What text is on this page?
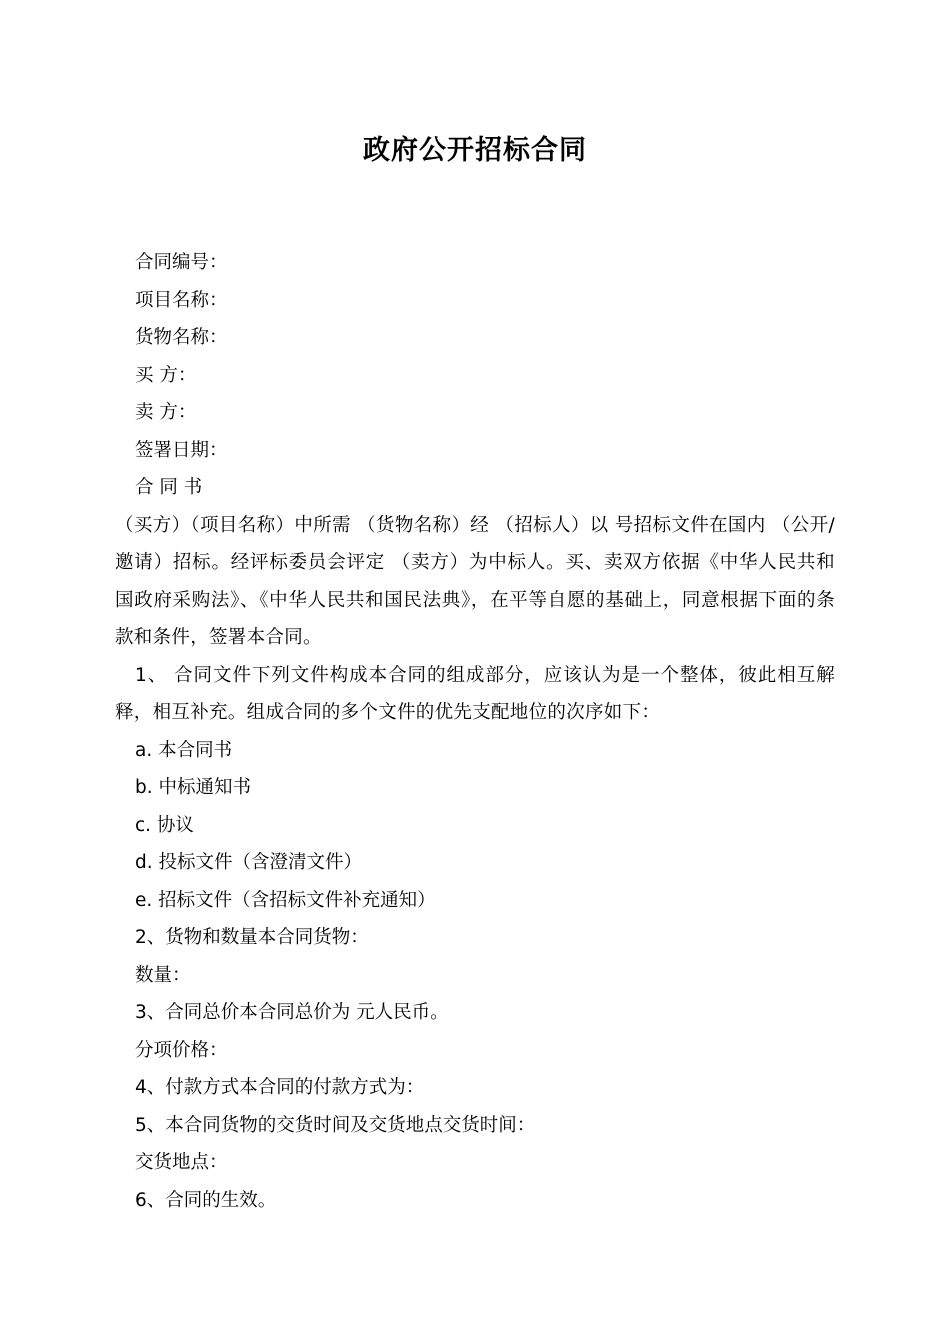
政府公开招标合同

合同编号：

项目名称：

货物名称：

买 方：

卖 方：

签署日期：

合 同 书

（买方）（项目名称）中所需 （货物名称）经 （招标人）以 号招标文件在国内 （公开/邀请）招标。经评标委员会评定 （卖方）为中标人。买、卖双方依据《中华人民共和国政府采购法》、《中华人民共和国民法典》，在平等自愿的基础上，同意根据下面的条款和条件，签署本合同。

1、 合同文件下列文件构成本合同的组成部分，应该认为是一个整体，彼此相互解释，相互补充。组成合同的多个文件的优先支配地位的次序如下：

a. 本合同书

b. 中标通知书

c. 协议

d. 投标文件（含澄清文件）

e. 招标文件（含招标文件补充通知）

2、货物和数量本合同货物：

数量：

3、合同总价本合同总价为 元人民币。

分项价格：

4、付款方式本合同的付款方式为：

5、本合同货物的交货时间及交货地点交货时间：

交货地点：

6、合同的生效。
